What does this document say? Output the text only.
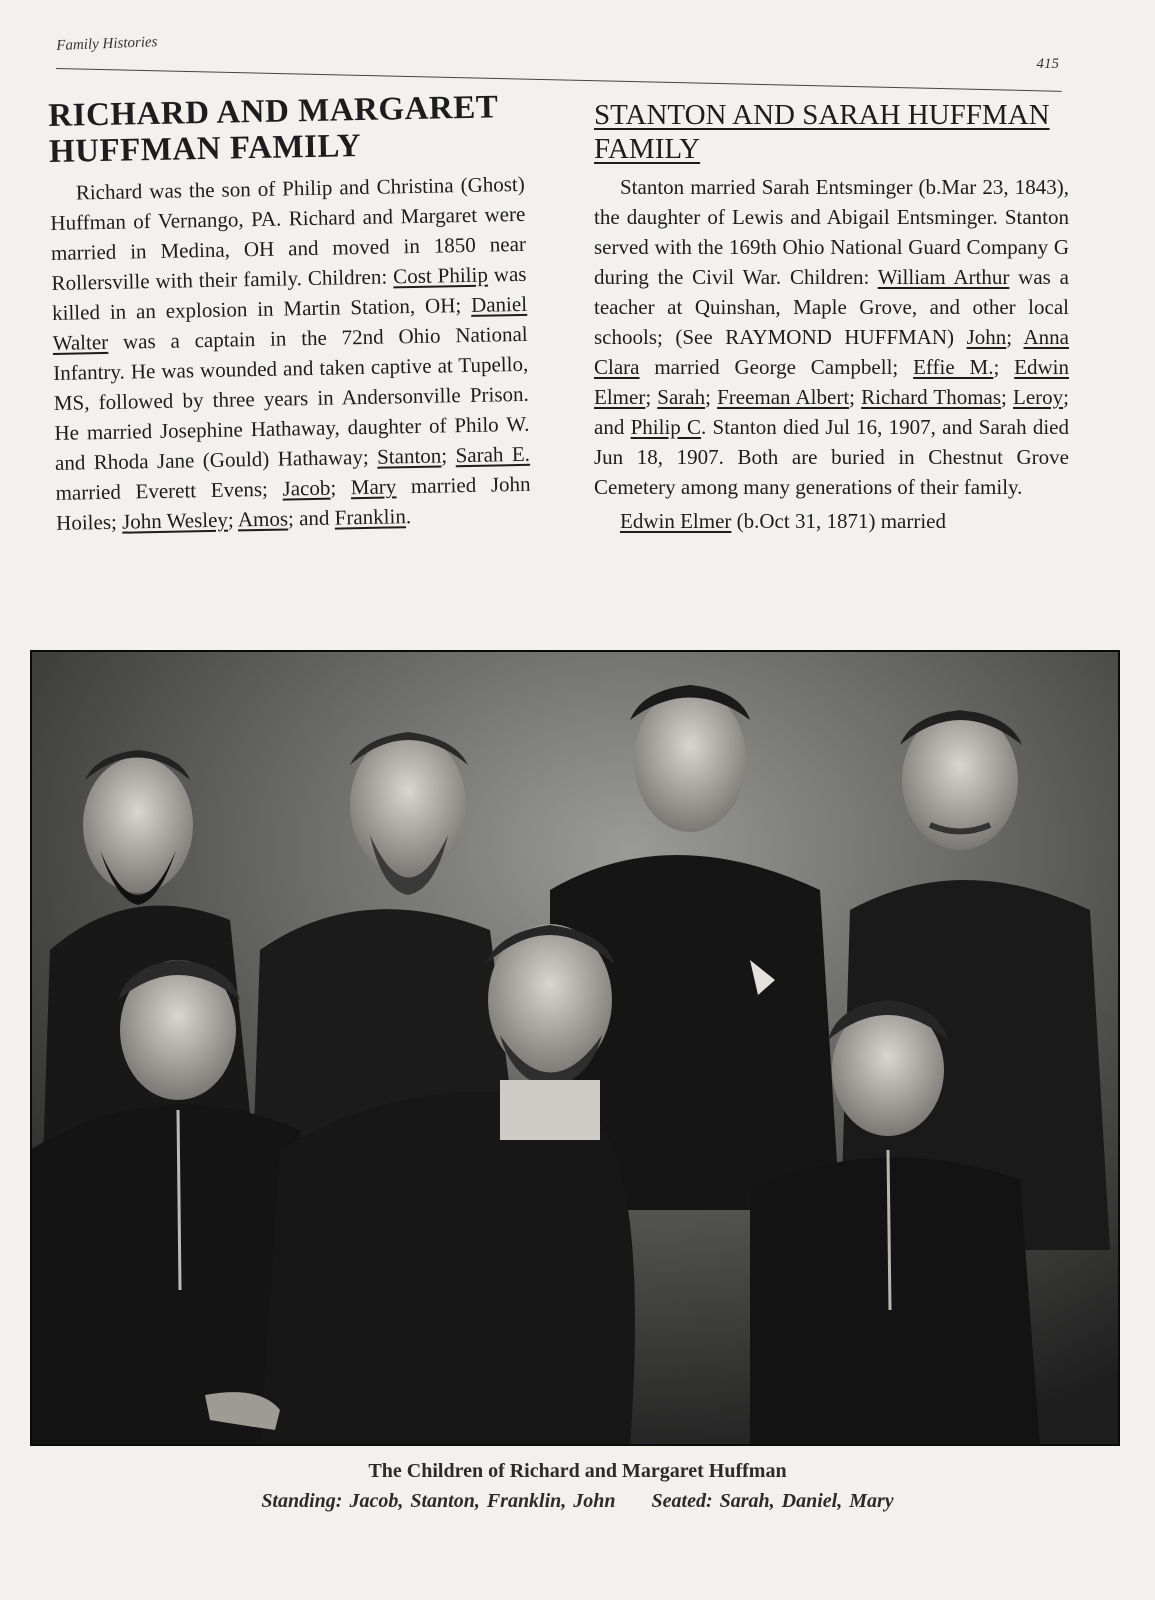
Family Histories
415
RICHARD AND MARGARET HUFFMAN FAMILY

Richard was the son of Philip and Christina (Ghost) Huffman of Vernango, PA. Richard and Margaret were married in Medina, OH and moved in 1850 near Rollersville with their family. Children: Cost Philip was killed in an explosion in Martin Station, OH; Daniel Walter was a captain in the 72nd Ohio National Infantry. He was wounded and taken captive at Tupello, MS, followed by three years in Andersonville Prison. He married Josephine Hathaway, daughter of Philo W. and Rhoda Jane (Gould) Hathaway; Stanton; Sarah E. married Everett Evens; Jacob; Mary married John Hoiles; John Wesley; Amos; and Franklin.

STANTON AND SARAH HUFFMAN FAMILY

Stanton married Sarah Entsminger (b.Mar 23, 1843), the daughter of Lewis and Abigail Entsminger. Stanton served with the 169th Ohio National Guard Company G during the Civil War. Children: William Arthur was a teacher at Quinshan, Maple Grove, and other local schools; (See RAYMOND HUFFMAN) John; Anna Clara married George Campbell; Effie M.; Edwin Elmer; Sarah; Freeman Albert; Richard Thomas; Leroy; and Philip C. Stanton died Jul 16, 1907, and Sarah died Jun 18, 1907. Both are buried in Chestnut Grove Cemetery among many generations of their family.

Edwin Elmer (b.Oct 31, 1871) married

The Children of Richard and Margaret Huffman
Standing: Jacob, Stanton, Franklin, John Seated: Sarah, Daniel, Mary
